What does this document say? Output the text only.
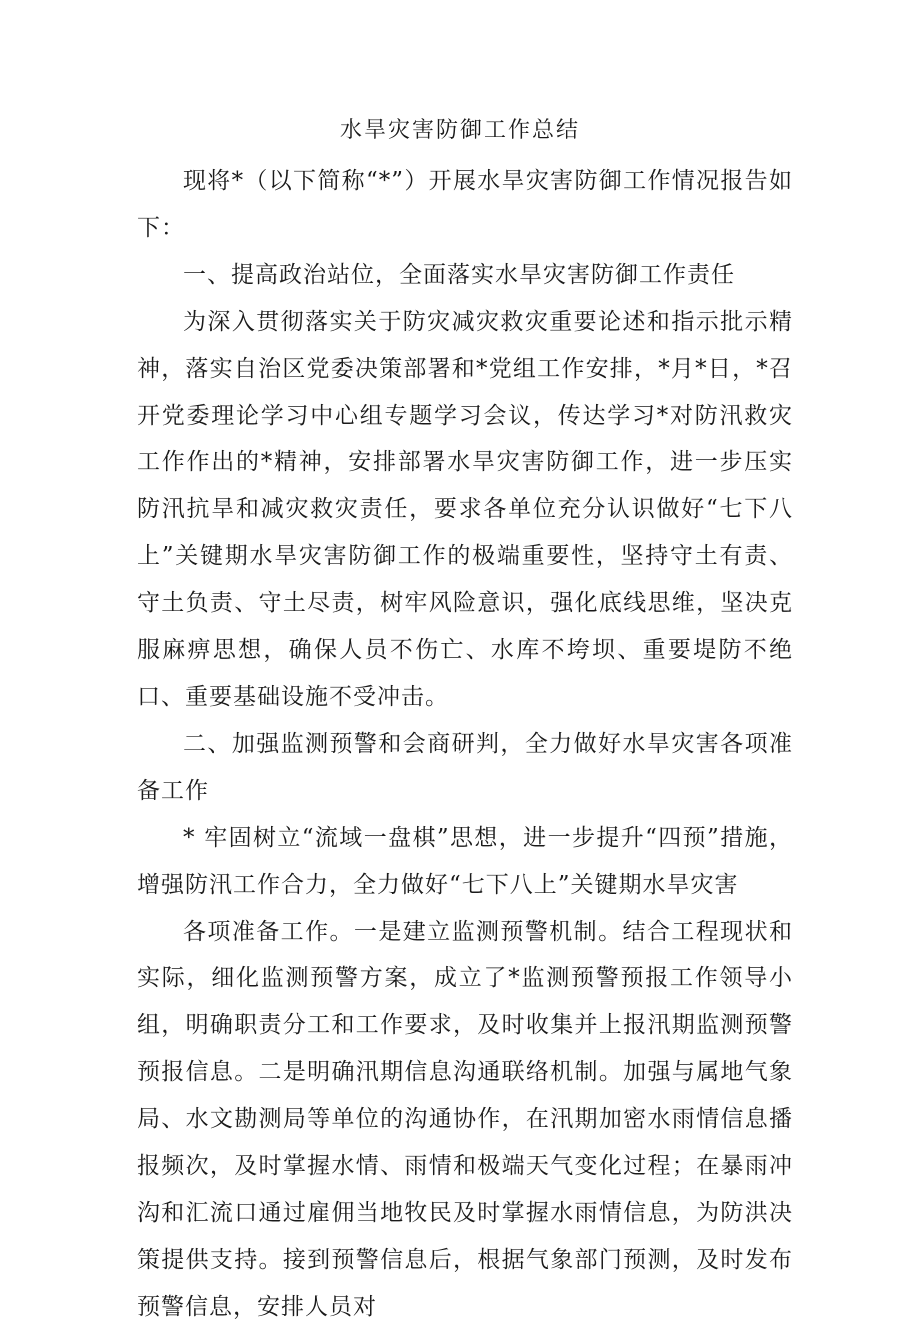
水旱灾害防御工作总结

现将*（以下简称“*”）开展水旱灾害防御工作情况报告如下：

一、提高政治站位，全面落实水旱灾害防御工作责任

为深入贯彻落实关于防灾减灾救灾重要论述和指示批示精神，落实自治区党委决策部署和*党组工作安排，*月*日，*召开党委理论学习中心组专题学习会议，传达学习*对防汛救灾工作作出的*精神，安排部署水旱灾害防御工作，进一步压实防汛抗旱和减灾救灾责任，要求各单位充分认识做好“七下八上”关键期水旱灾害防御工作的极端重要性，坚持守土有责、守土负责、守土尽责，树牢风险意识，强化底线思维，坚决克服麻痹思想，确保人员不伤亡、水库不垮坝、重要堤防不绝口、重要基础设施不受冲击。

二、加强监测预警和会商研判，全力做好水旱灾害各项准备工作

* 牢固树立“流域一盘棋”思想，进一步提升“四预”措施，增强防汛工作合力，全力做好“七下八上”关键期水旱灾害

各项准备工作。一是建立监测预警机制。结合工程现状和实际，细化监测预警方案，成立了*监测预警预报工作领导小组，明确职责分工和工作要求，及时收集并上报汛期监测预警预报信息。二是明确汛期信息沟通联络机制。加强与属地气象局、水文勘测局等单位的沟通协作，在汛期加密水雨情信息播报频次，及时掌握水情、雨情和极端天气变化过程；在暴雨冲沟和汇流口通过雇佣当地牧民及时掌握水雨情信息，为防洪决策提供支持。接到预警信息后，根据气象部门预测，及时发布预警信息，安排人员对
